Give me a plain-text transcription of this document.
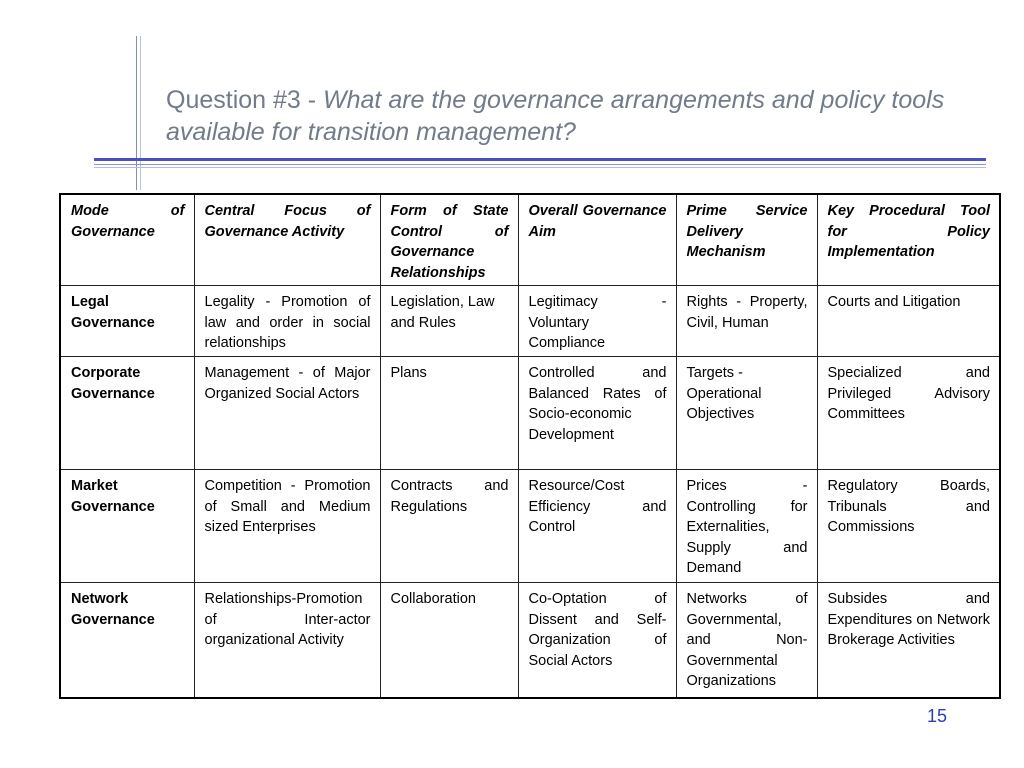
Question #3 - What are the governance arrangements and policy tools available for transition management?
Mode of Governance	Central Focus of Governance Activity	Form of State Control of Governance Relationships	Overall Governance Aim	Prime Service Delivery Mechanism	Key Procedural Tool for Policy Implementation
Legal Governance	Legality - Promotion of law and order in social relationships	Legislation, Law and Rules	Legitimacy - Voluntary Compliance	Rights - Property, Civil, Human	Courts and Litigation
Corporate Governance	Management - of Major Organized Social Actors	Plans	Controlled and Balanced Rates of Socio-economic Development	Targets - Operational Objectives	Specialized and Privileged Advisory Committees
Market Governance	Competition - Promotion of Small and Medium sized Enterprises	Contracts and Regulations	Resource/Cost Efficiency and Control	Prices - Controlling for Externalities, Supply and Demand	Regulatory Boards, Tribunals and Commissions
Network Governance	Relationships-Promotion of Inter-actor organizational Activity	Collaboration	Co-Optation of Dissent and Self-Organization of Social Actors	Networks of Governmental, and Non-Governmental Organizations	Subsides and Expenditures on Network Brokerage Activities
15
